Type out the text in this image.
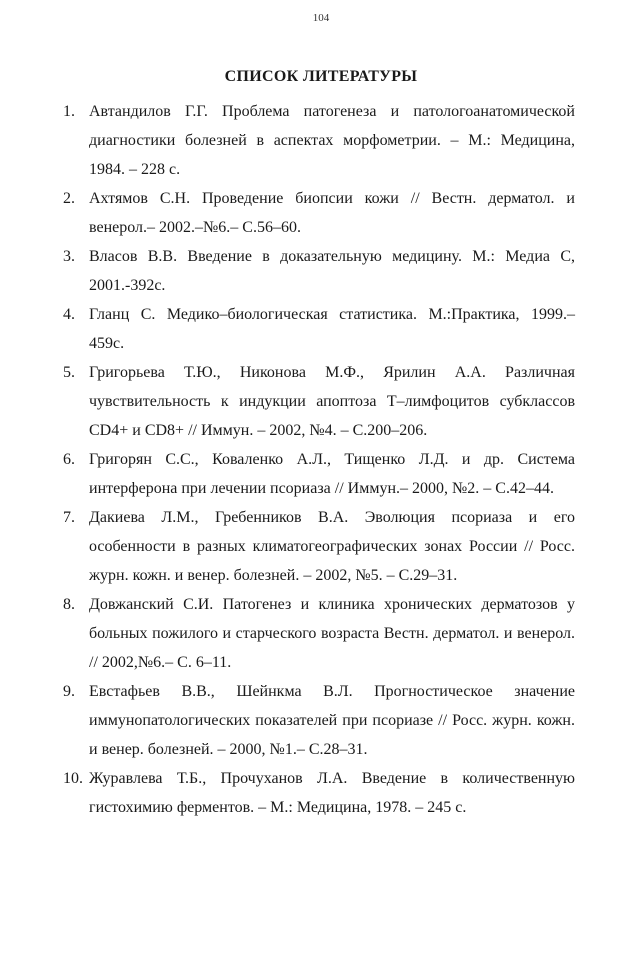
104
СПИСОК ЛИТЕРАТУРЫ
1. Автандилов Г.Г. Проблема патогенеза и патологоанатомической диагностики болезней в аспектах морфометрии. – М.: Медицина, 1984. – 228 с.
2. Ахтямов С.Н. Проведение биопсии кожи // Вестн. дерматол. и венерол.– 2002.–№6.– С.56–60.
3. Власов В.В. Введение в доказательную медицину. М.: Медиа С, 2001.-392с.
4. Гланц С. Медико–биологическая статистика. М.:Практика, 1999.– 459с.
5. Григорьева Т.Ю., Никонова М.Ф., Ярилин А.А. Различная чувствительность к индукции апоптоза Т–лимфоцитов субклассов CD4+ и CD8+ // Иммун. – 2002, №4. – С.200–206.
6. Григорян С.С., Коваленко А.Л., Тищенко Л.Д. и др. Система интерферона при лечении псориаза // Иммун.– 2000, №2. – С.42–44.
7. Дакиева Л.М., Гребенников В.А. Эволюция псориаза и его особенности в разных климатогеографических зонах России // Росс. журн. кожн. и венер. болезней. – 2002, №5. – С.29–31.
8. Довжанский С.И. Патогенез и клиника хронических дерматозов у больных пожилого и старческого возраста Вестн. дерматол. и венерол. // 2002,№6.– С. 6–11.
9. Евстафьев В.В., Шейнкма В.Л. Прогностическое значение иммунопатологических показателей при псориазе // Росс. журн. кожн. и венер. болезней. – 2000, №1.– С.28–31.
10. Журавлева Т.Б., Прочуханов Л.А. Введение в количественную гистохимию ферментов. – М.: Медицина, 1978. – 245 с.
